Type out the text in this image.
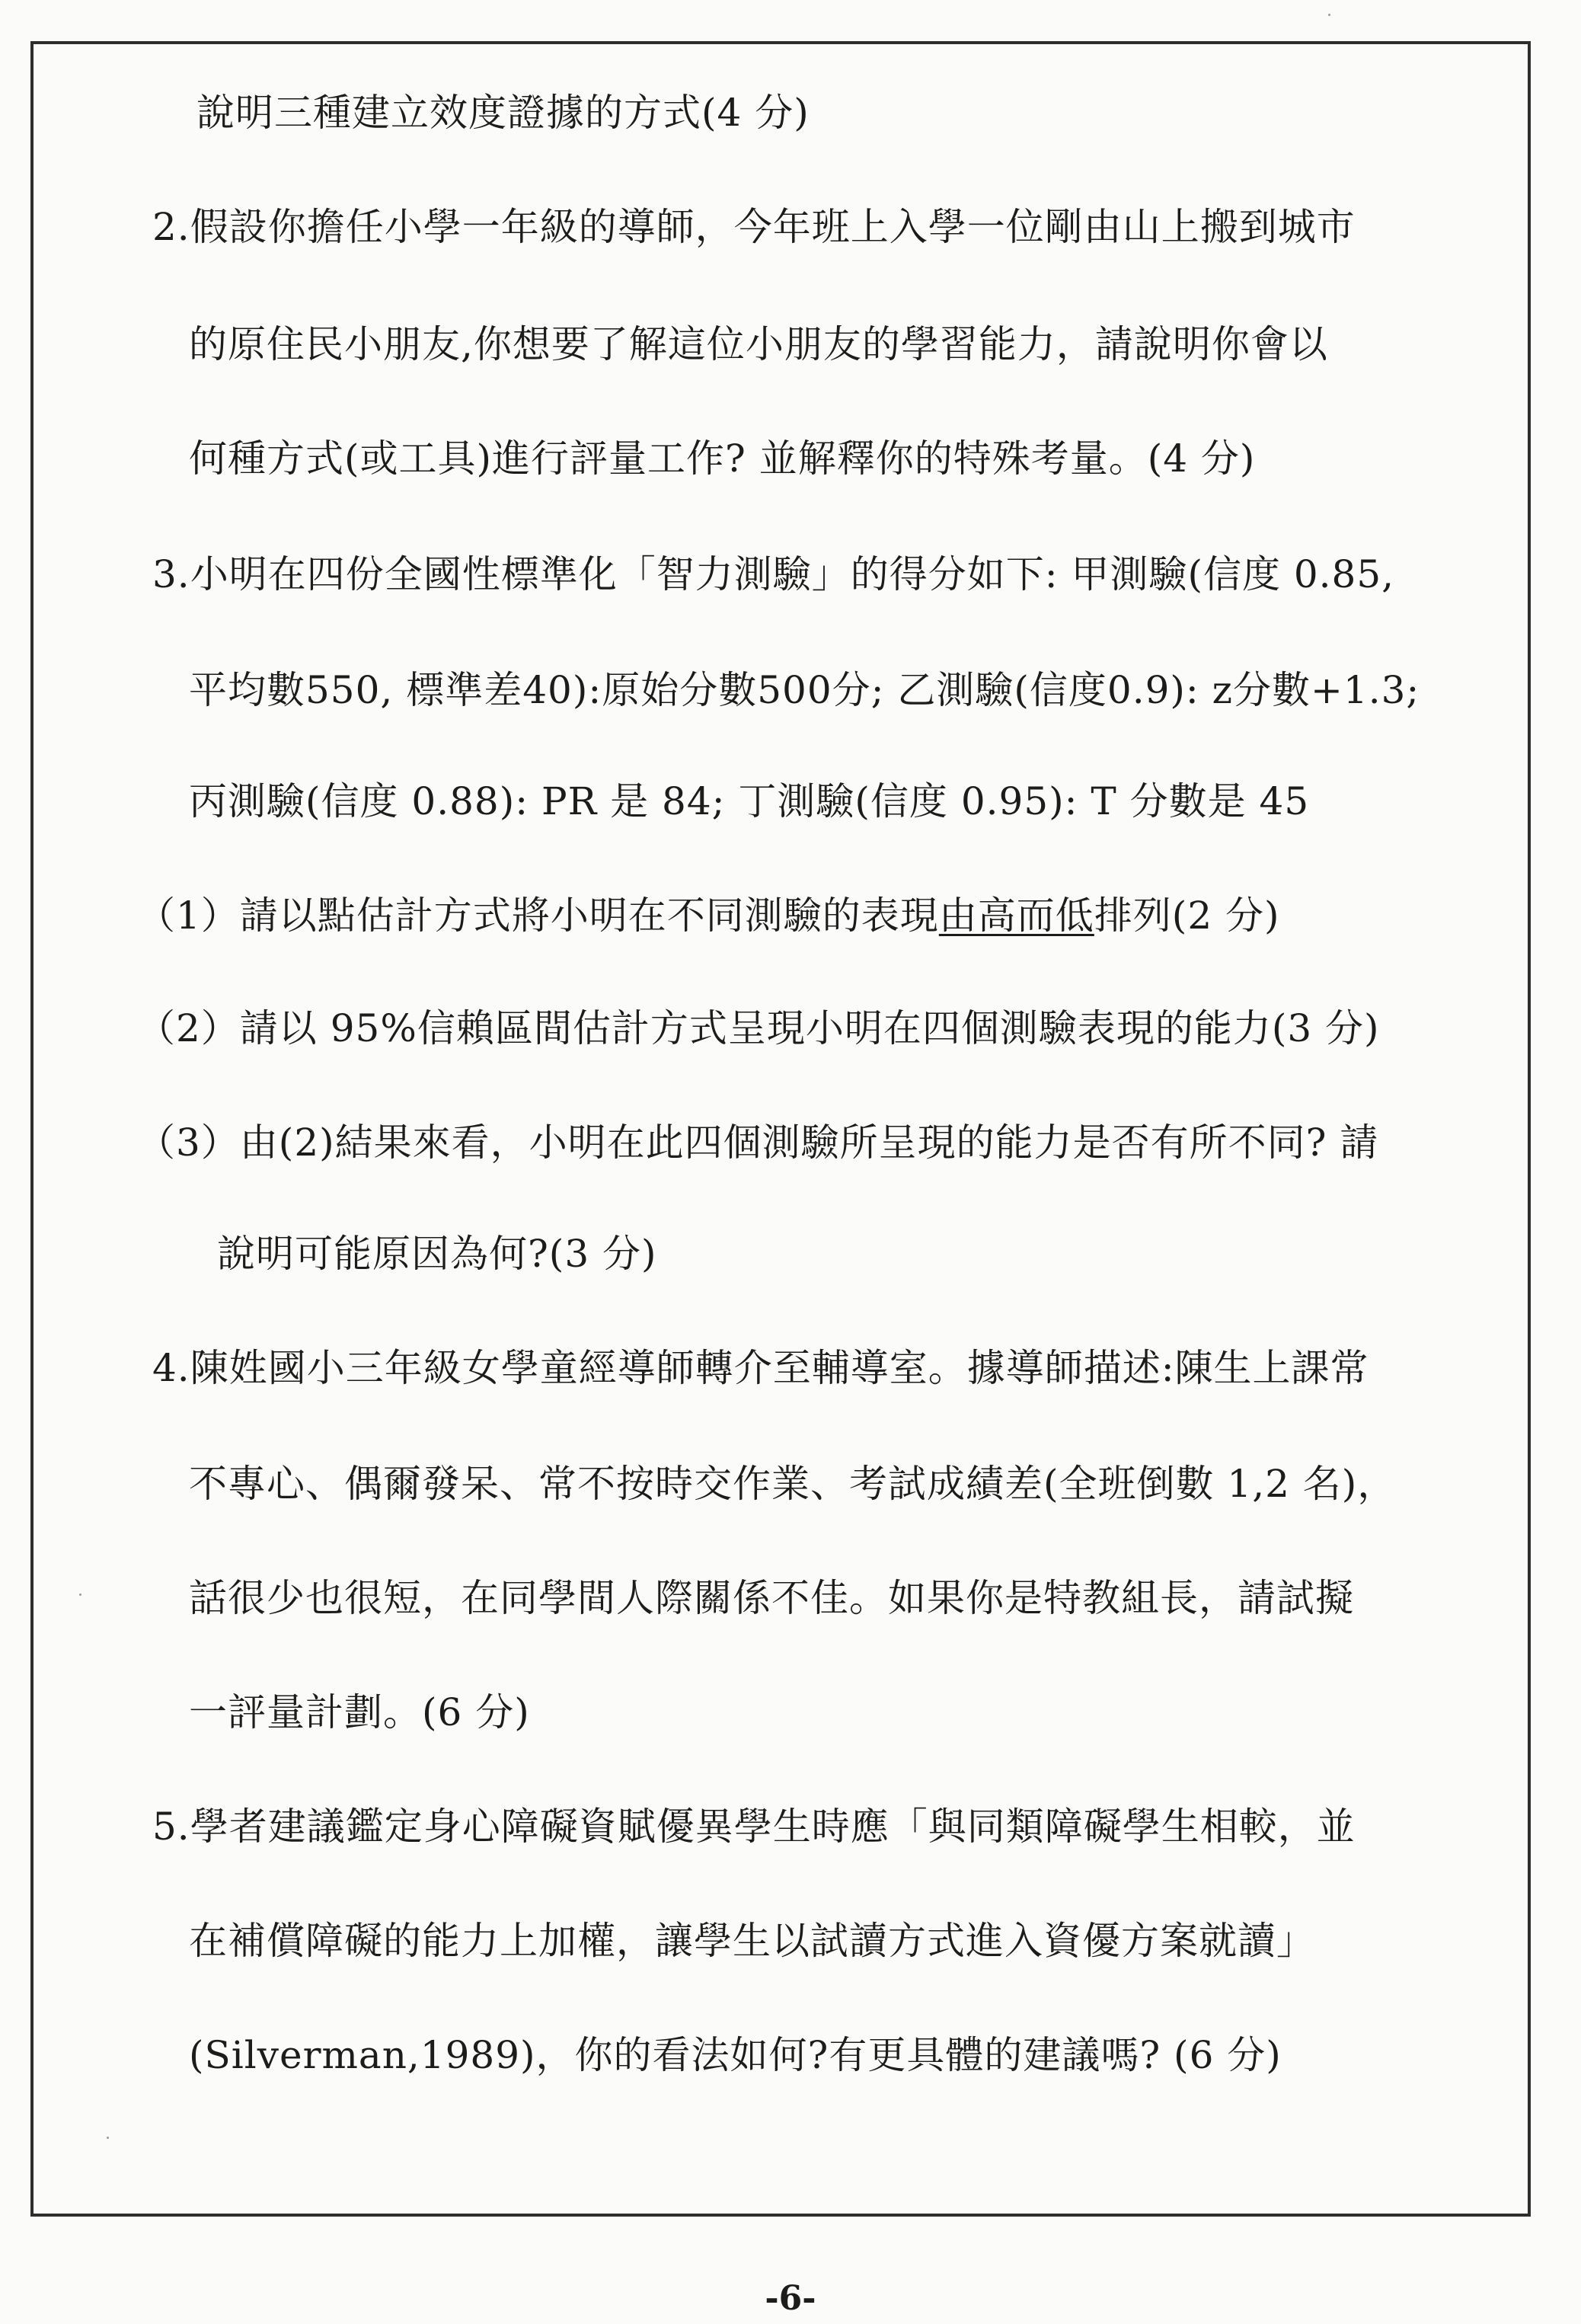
說明三種建立效度證據的方式(4 分)
2.假設你擔任小學一年級的導師，今年班上入學一位剛由山上搬到城市
的原住民小朋友,你想要了解這位小朋友的學習能力，請說明你會以
何種方式(或工具)進行評量工作? 並解釋你的特殊考量。(4 分)
3.小明在四份全國性標準化「智力測驗」的得分如下: 甲測驗(信度 0.85,
平均數550, 標準差40):原始分數500分; 乙測驗(信度0.9): z分數+1.3;
丙測驗(信度 0.88): PR 是 84; 丁測驗(信度 0.95): T 分數是 45
（1）請以點估計方式將小明在不同測驗的表現由高而低排列(2 分)
（2）請以 95%信賴區間估計方式呈現小明在四個測驗表現的能力(3 分)
（3）由(2)結果來看，小明在此四個測驗所呈現的能力是否有所不同? 請
說明可能原因為何?(3 分)
4.陳姓國小三年級女學童經導師轉介至輔導室。據導師描述:陳生上課常
不專心、偶爾發呆、常不按時交作業、考試成績差(全班倒數 1,2 名)，
話很少也很短，在同學間人際關係不佳。如果你是特教組長，請試擬
一評量計劃。(6 分)
5.學者建議鑑定身心障礙資賦優異學生時應「與同類障礙學生相較，並
在補償障礙的能力上加權，讓學生以試讀方式進入資優方案就讀」
(Silverman,1989)，你的看法如何?有更具體的建議嗎? (6 分)
-6-
